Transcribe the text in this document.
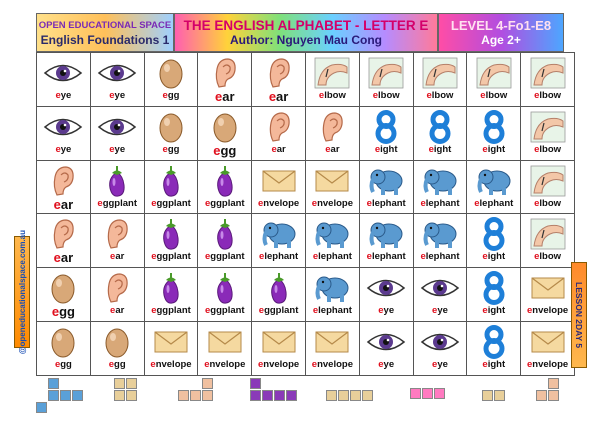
OPEN EDUCATIONAL SPACE
English Foundations 1
THE ENGLISH ALPHABET - LETTER E
Author: Nguyen Mau Cong
LEVEL 4-Fo1-E8
Age 2+
eye	eye	egg	ear	ear	elbow	elbow	elbow	elbow	elbow

eye	eye	egg	egg	ear	ear	eight	eight	eight	elbow

ear	eggplant	eggplant	eggplant	envelope	envelope	elephant	elephant	elephant	elbow

ear	ear	eggplant	eggplant	elephant	elephant	elephant	elephant	eight	elbow

egg	ear	eggplant	eggplant	eggplant	elephant	eye	eye	eight	envelope

egg	egg	envelope	envelope	envelope	envelope	eye	eye	eight	envelope
@openeducationalspace.com.au	LESSON 2DAY 5
